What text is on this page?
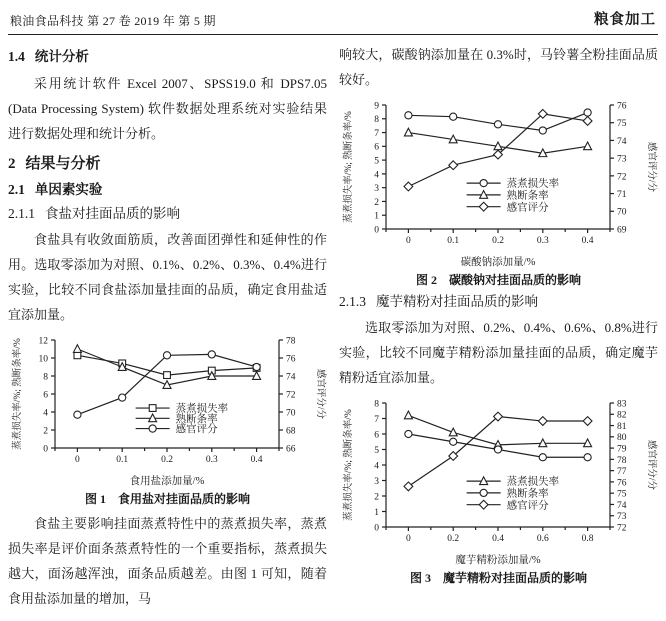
粮油食品科技 第 27 卷 2019 年 第 5 期	粮食加工
1.4 统计分析

采用统计软件 Excel 2007、SPSS19.0 和 DPS7.05 (Data Processing System) 软件数据处理系统对实验结果进行数据处理和统计分析。

2 结果与分析
2.1 单因素实验
2.1.1 食盐对挂面品质的影响

食盐具有收敛面筋质，改善面团弹性和延伸性的作用。选取零添加为对照、0.1%、0.2%、0.3%、0.4%进行实验，比较不同食盐添加量挂面的品质，确定食用盐适宜添加量。

0
2
4
6
8
10
12
66
68
70
72
74
76
78
0	0.1	0.2	0.3	0.4
蒸煮损失率/%; 熟断条率/%	感官评分/分
食用盐添加量/%
蒸煮损失率
熟断条率
感官评分
图 1　食用盐对挂面品质的影响

食盐主要影响挂面蒸煮特性中的蒸煮损失率，蒸煮损失率是评价面条蒸煮特性的一个重要指标，蒸煮损失越大，面汤越浑浊，面条品质越差。由图 1 可知，随着食用盐添加量的增加，马

响较大，碳酸钠添加量在 0.3%时，马铃薯全粉挂面品质较好。

0
1
2
3
4
5
6
7
8
9
69
70
71
72
73
74
75
76
0	0.1	0.2	0.3	0.4
蒸煮损失率/%; 熟断条率/%	感官评分/分
碳酸钠添加量/%
蒸煮损失率
熟断条率
感官评分
图 2　碳酸钠对挂面品质的影响
2.1.3 魔芋精粉对挂面品质的影响

选取零添加为对照、0.2%、0.4%、0.6%、0.8%进行实验，比较不同魔芋精粉添加量挂面的品质，确定魔芋精粉适宜添加量。

0
1
2
3
4
5
6
7
8
72
73
74
75
76
77
78
79
80
81
82
83
0	0.2	0.4	0.6	0.8
蒸煮损失率/%; 熟断条率/%	感官评分/分
魔芋精粉添加量/%
蒸煮损失率
熟断条率
感官评分
图 3　魔芋精粉对挂面品质的影响
